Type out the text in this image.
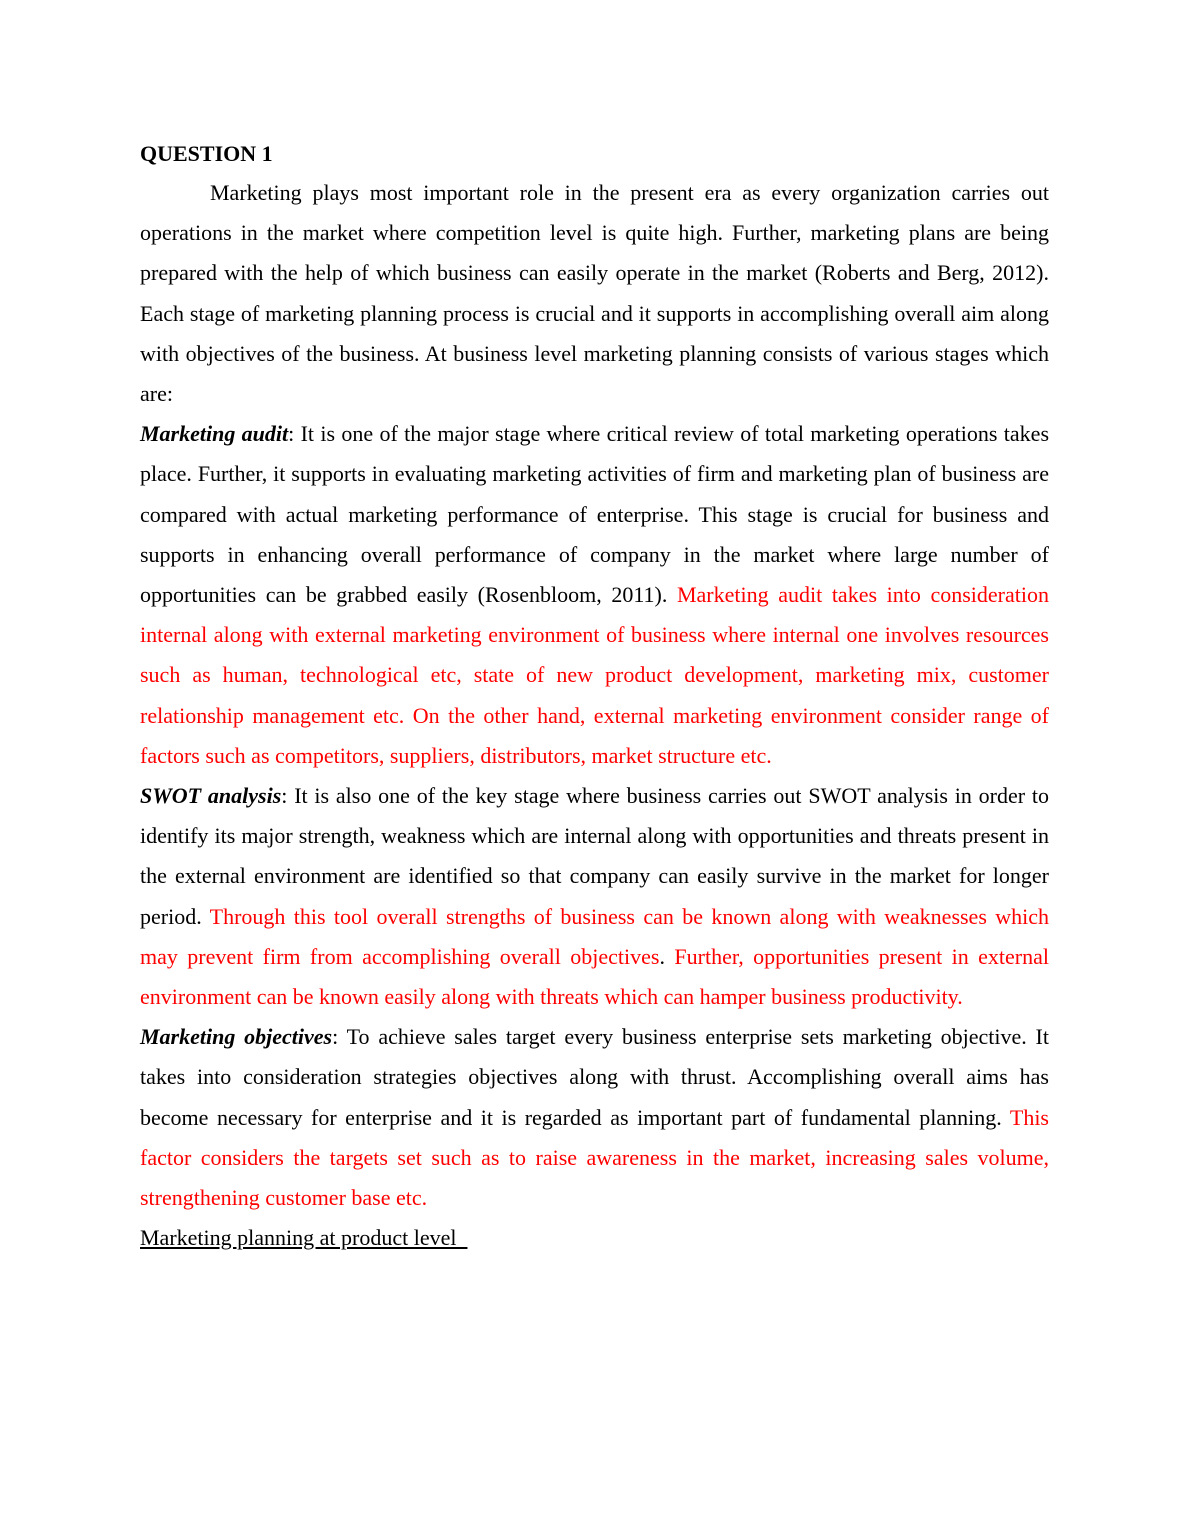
QUESTION 1

Marketing plays most important role in the present era as every organization carries out operations in the market where competition level is quite high. Further, marketing plans are being prepared with the help of which business can easily operate in the market (Roberts and Berg, 2012). Each stage of marketing planning process is crucial and it supports in accomplishing overall aim along with objectives of the business. At business level marketing planning consists of various stages which are:

Marketing audit: It is one of the major stage where critical review of total marketing operations takes place. Further, it supports in evaluating marketing activities of firm and marketing plan of business are compared with actual marketing performance of enterprise. This stage is crucial for business and supports in enhancing overall performance of company in the market where large number of opportunities can be grabbed easily (Rosenbloom, 2011). Marketing audit takes into consideration internal along with external marketing environment of business where internal one involves resources such as human, technological etc, state of new product development, marketing mix, customer relationship management etc. On the other hand, external marketing environment consider range of factors such as competitors, suppliers, distributors, market structure etc.

SWOT analysis: It is also one of the key stage where business carries out SWOT analysis in order to identify its major strength, weakness which are internal along with opportunities and threats present in the external environment are identified so that company can easily survive in the market for longer period. Through this tool overall strengths of business can be known along with weaknesses which may prevent firm from accomplishing overall objectives. Further, opportunities present in external environment can be known easily along with threats which can hamper business productivity.

Marketing objectives: To achieve sales target every business enterprise sets marketing objective. It takes into consideration strategies objectives along with thrust. Accomplishing overall aims has become necessary for enterprise and it is regarded as important part of fundamental planning. This factor considers the targets set such as to raise awareness in the market, increasing sales volume, strengthening customer base etc.

Marketing planning at product level
